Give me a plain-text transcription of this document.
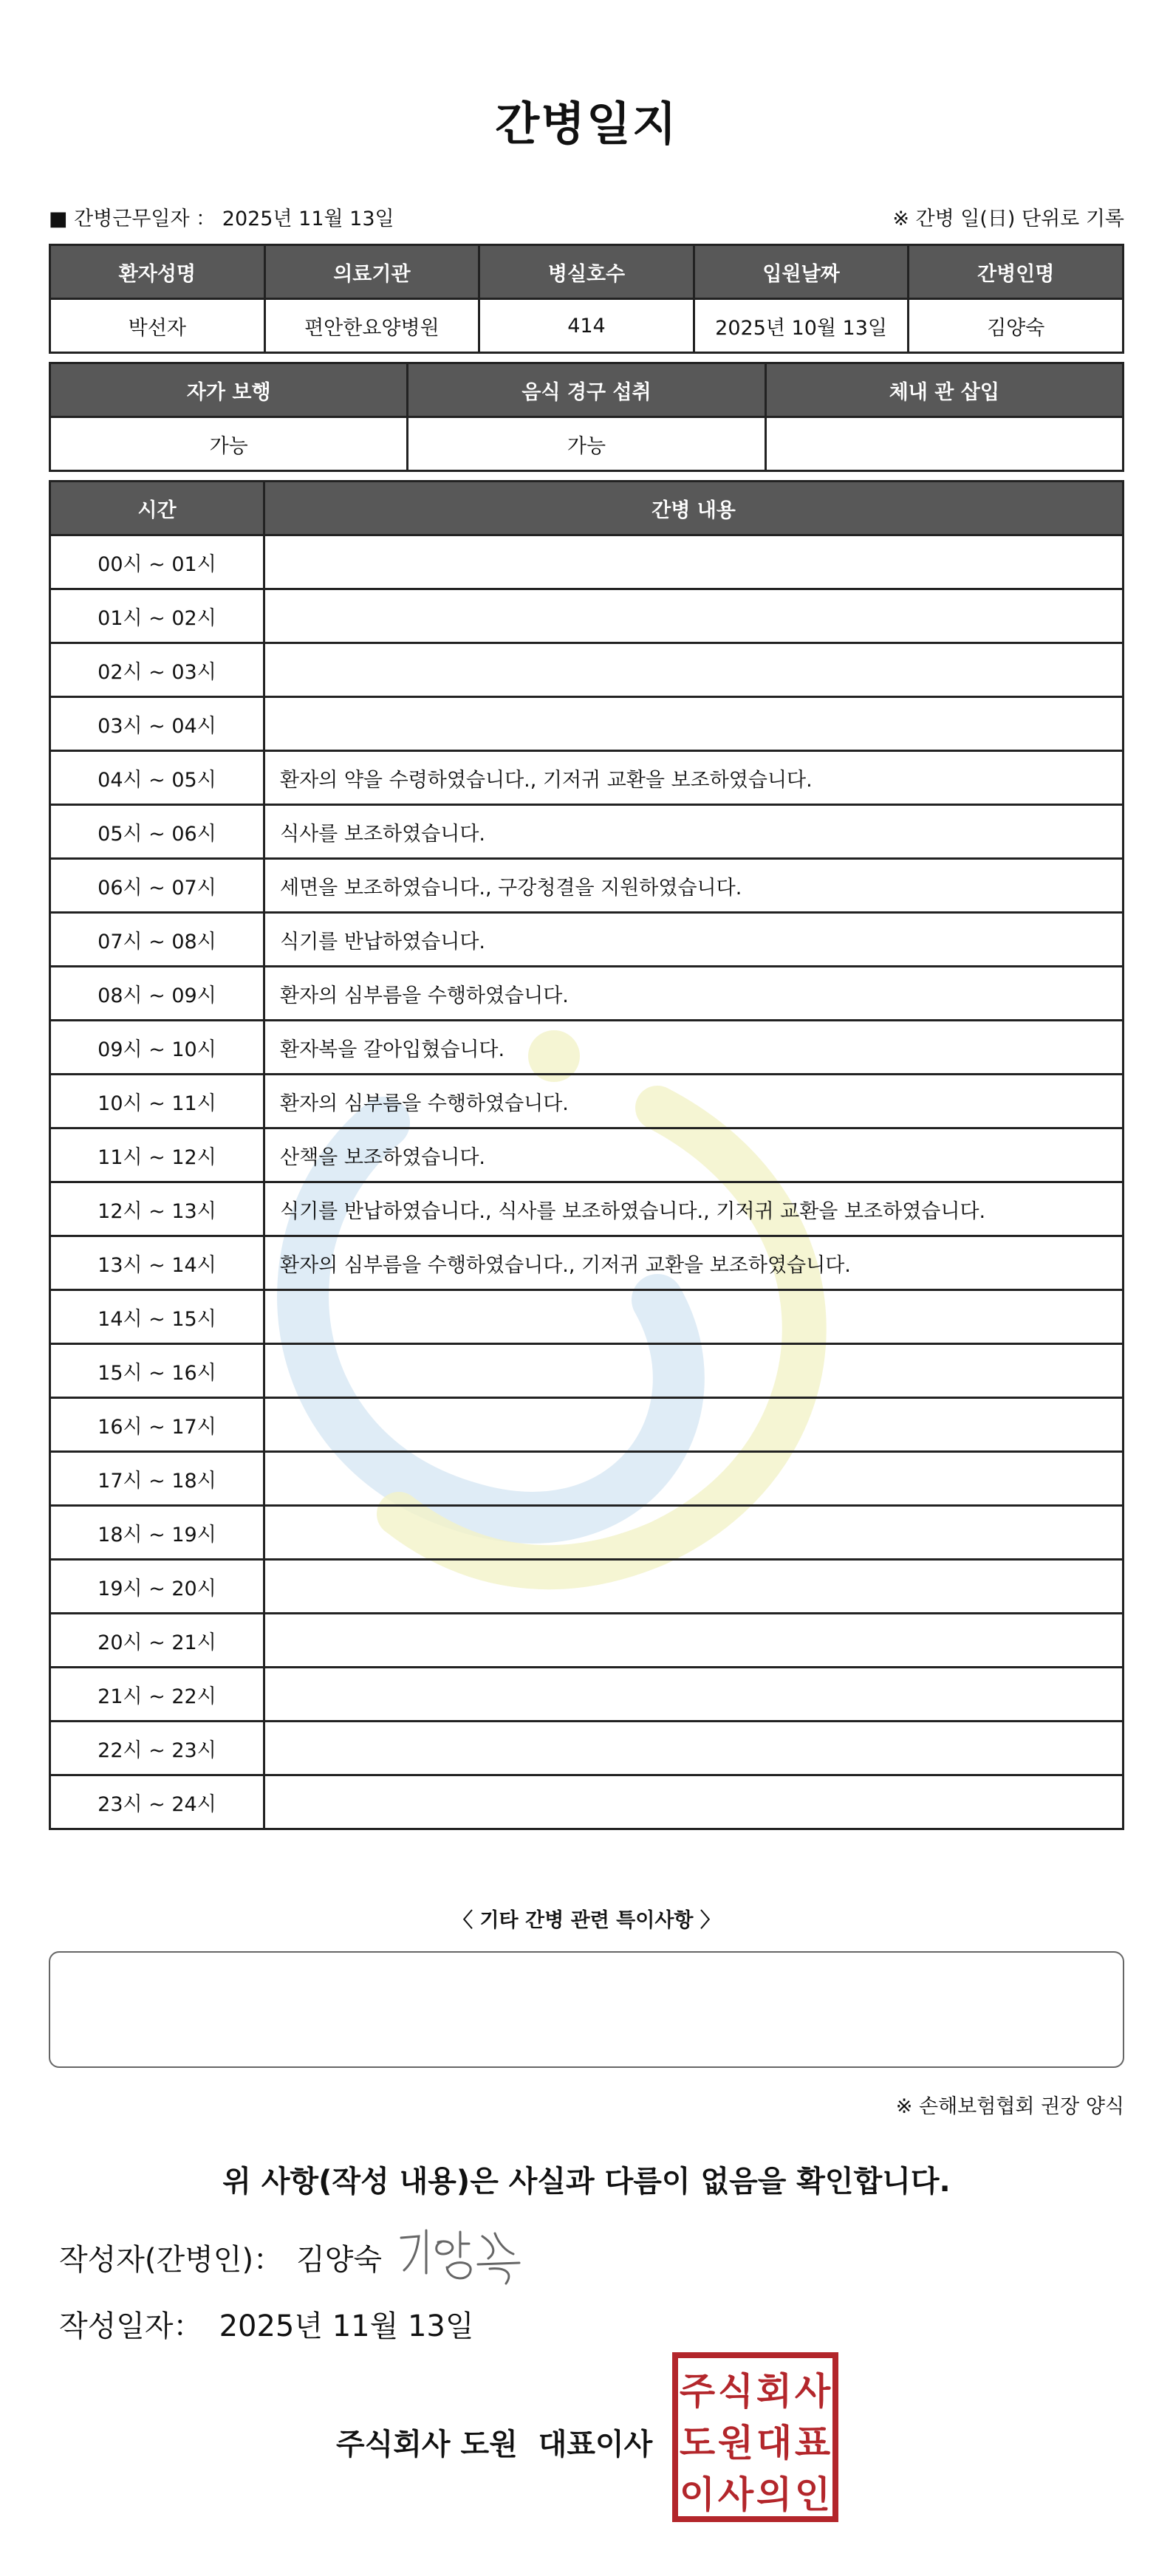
간병일지
■ 간병근무일자 ： 2025년 11월 13일	※ 간병 일(日) 단위로 기록
환자성명	의료기관	병실호수	입원날짜	간병인명
박선자	편안한요양병원	414	2025년 10월 13일	김양숙
자가 보행	음식 경구 섭취	체내 관 삽입
가능	가능	
시간	간병 내용
00시 ~ 01시	
01시 ~ 02시	
02시 ~ 03시	
03시 ~ 04시	
04시 ~ 05시	환자의 약을 수령하였습니다., 기저귀 교환을 보조하였습니다.
05시 ~ 06시	식사를 보조하였습니다.
06시 ~ 07시	세면을 보조하였습니다., 구강청결을 지원하였습니다.
07시 ~ 08시	식기를 반납하였습니다.
08시 ~ 09시	환자의 심부름을 수행하였습니다.
09시 ~ 10시	환자복을 갈아입혔습니다.
10시 ~ 11시	환자의 심부름을 수행하였습니다.
11시 ~ 12시	산책을 보조하였습니다.
12시 ~ 13시	식기를 반납하였습니다., 식사를 보조하였습니다., 기저귀 교환을 보조하였습니다.
13시 ~ 14시	환자의 심부름을 수행하였습니다., 기저귀 교환을 보조하였습니다.
14시 ~ 15시	
15시 ~ 16시	
16시 ~ 17시	
17시 ~ 18시	
18시 ~ 19시	
19시 ~ 20시	
20시 ~ 21시	
21시 ~ 22시	
22시 ~ 23시	
23시 ~ 24시	
〈 기타 간병 관련 특이사항 〉
※ 손해보험협회 권장 양식
위 사항(작성 내용)은 사실과 다름이 없음을 확인합니다.
작성자(간병인)： 김양숙
작성일자： 2025년 11월 13일
주식회사 도원 대표이사
주 식 회 사
도 원 대 표
이 사 의 인
